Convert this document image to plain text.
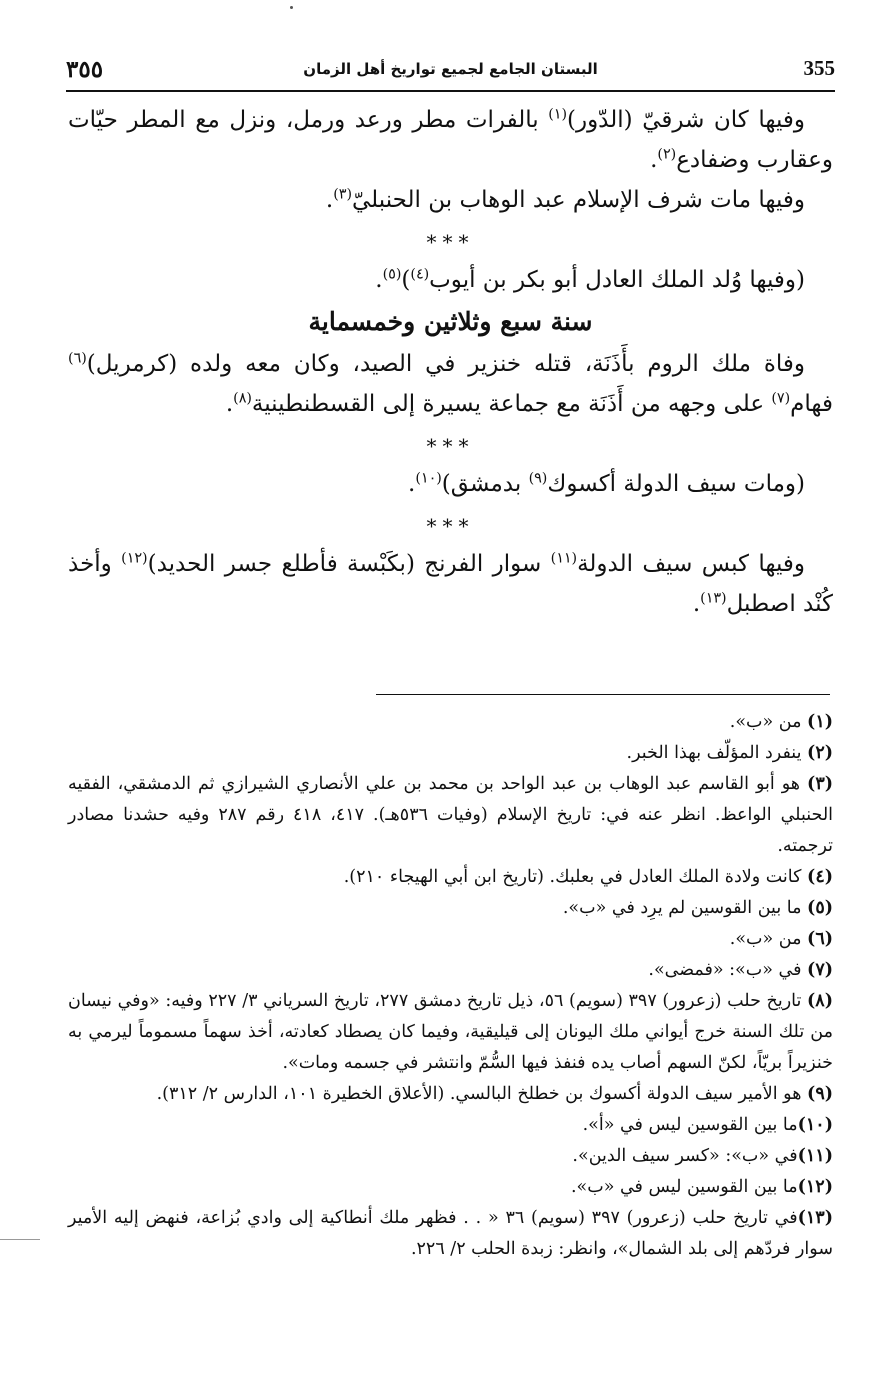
٣٥٥	البستان الجامع لجميع تواريخ أهل الزمان	355

وفيها كان شرقيّ (الدّور)$^{(١)}$ بالفرات مطر ورعد ورمل، ونزل مع المطر حيّات وعقارب وضفادع$^{(٢)}$.

وفيها مات شرف الإسلام عبد الوهاب بن الحنبليّ$^{(٣)}$.

***

(وفيها وُلد الملك العادل أبو بكر بن أيوب$^{(٤)}$)$^{(٥)}$.

سنة سبع وثلاثين وخمسماية

وفاة ملك الروم بأَذَنَة، قتله خنزير في الصيد، وكان معه ولده (كرمريل)$^{(٦)}$ فهام$^{(٧)}$ على وجهه من أَذَنَة مع جماعة يسيرة إلى القسطنطينية$^{(٨)}$.

***

(ومات سيف الدولة أكسوك$^{(٩)}$ بدمشق)$^{(١٠)}$.

***

وفيها كبس سيف الدولة$^{(١١)}$ سوار الفرنج (بكَبْسة فأطلع جسر الحديد)$^{(١٢)}$ وأخذ كُنْد اصطبل$^{(١٣)}$.

(١) من «ب».

(٢) ينفرد المؤلّف بهذا الخبر.

(٣) هو أبو القاسم عبد الوهاب بن عبد الواحد بن محمد بن علي الأنصاري الشيرازي ثم الدمشقي، الفقيه الحنبلي الواعظ. انظر عنه في: تاريخ الإسلام (وفيات ٥٣٦هـ). ٤١٧، ٤١٨ رقم ٢٨٧ وفيه حشدنا مصادر ترجمته.

(٤) كانت ولادة الملك العادل في بعلبك. (تاريخ ابن أبي الهيجاء ٢١٠).

(٥) ما بين القوسين لم يرِد في «ب».

(٦) من «ب».

(٧) في «ب»: «فمضى».

(٨) تاريخ حلب (زعرور) ٣٩٧ (سويم) ٥٦، ذيل تاريخ دمشق ٢٧٧، تاريخ السرياني ٣/ ٢٢٧ وفيه: «وفي نيسان من تلك السنة خرج أيواني ملك اليونان إلى قيليقية، وفيما كان يصطاد كعادته، أخذ سهماً مسموماً ليرمي به خنزيراً بريّاً، لكنّ السهم أصاب يده فنفذ فيها السُّمّ وانتشر في جسمه ومات».

(٩) هو الأمير سيف الدولة أكسوك بن خطلخ البالسي. (الأعلاق الخطيرة ١٠١، الدارس ٢/ ٣١٢).

(١٠)ما بين القوسين ليس في «أ».

(١١)في «ب»: «كسر سيف الدين».

(١٢)ما بين القوسين ليس في «ب».

(١٣)في تاريخ حلب (زعرور) ٣٩٧ (سويم) ٣٦ « . . فظهر ملك أنطاكية إلى وادي بُزاعة، فنهض إليه الأمير سوار فردّهم إلى بلد الشمال»، وانظر: زبدة الحلب ٢/ ٢٢٦.
